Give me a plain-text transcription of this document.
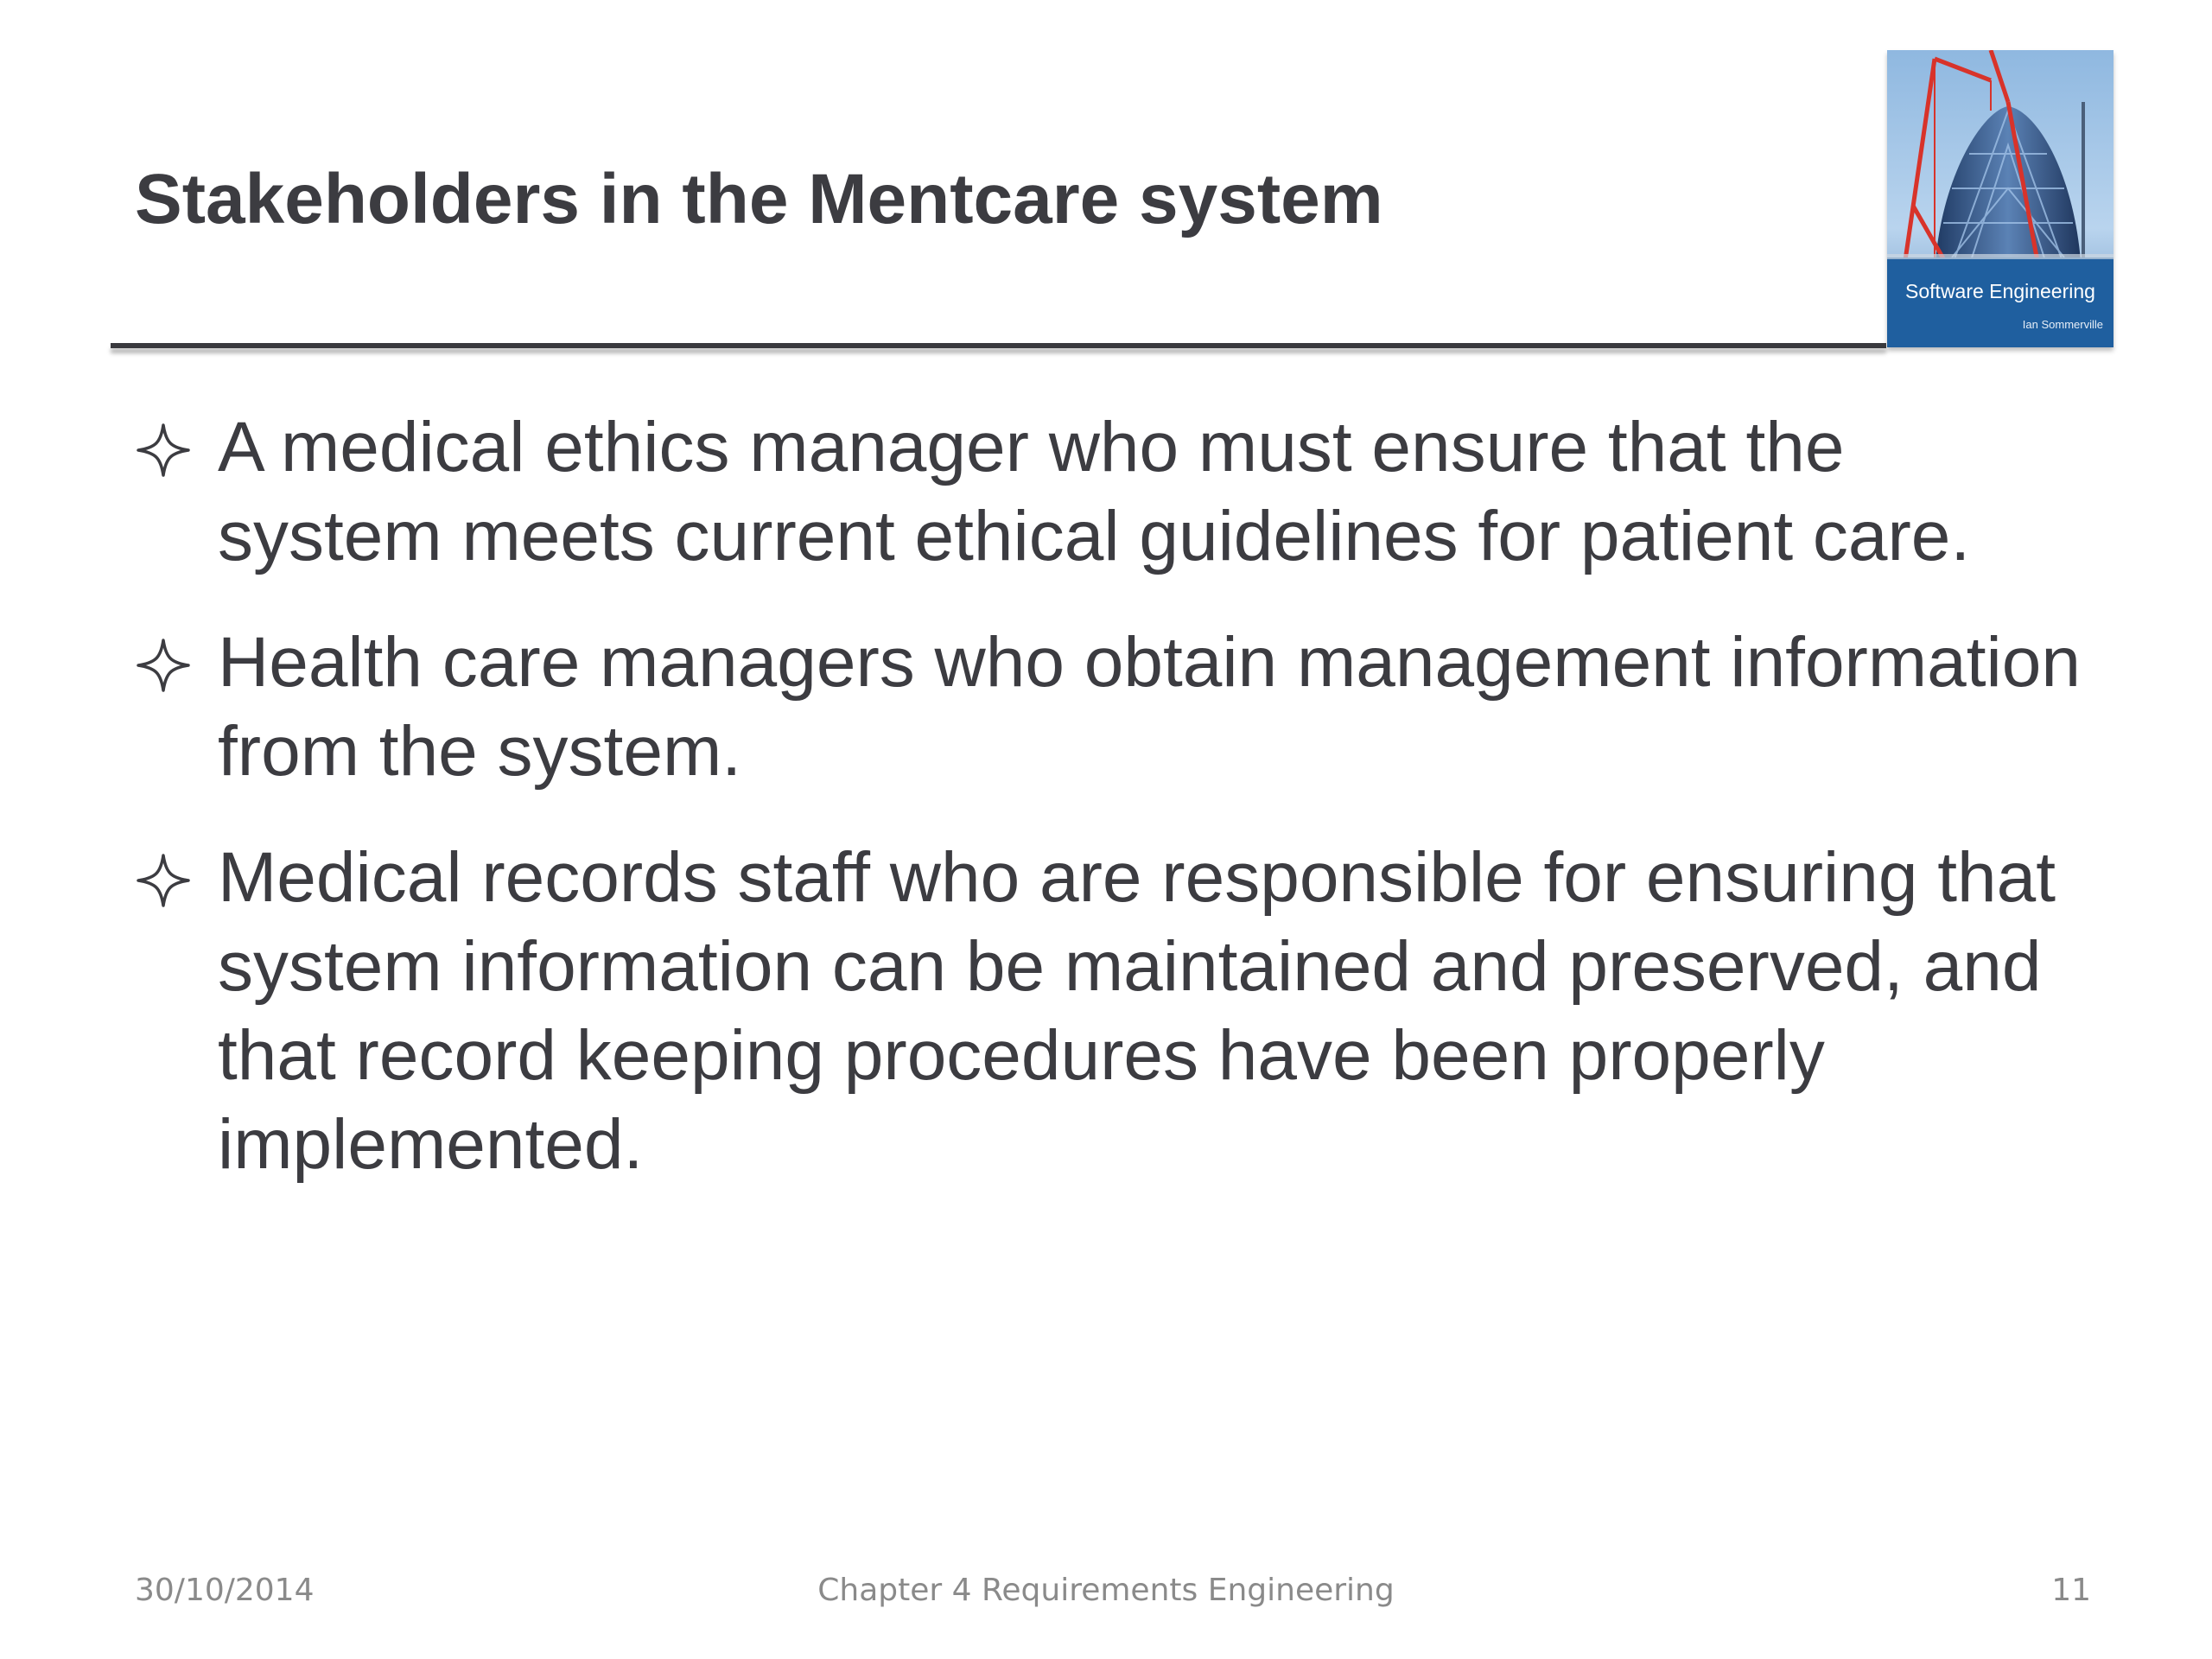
Stakeholders in the Mentcare system
Software Engineering
Ian Sommerville
A medical ethics manager who must ensure that the system meets current ethical guidelines for patient care.
Health care managers who obtain management information from the system.
Medical records staff who are responsible for ensuring that system information can be maintained and preserved, and that record keeping procedures have been properly implemented.
30/10/2014	Chapter 4 Requirements Engineering	11
